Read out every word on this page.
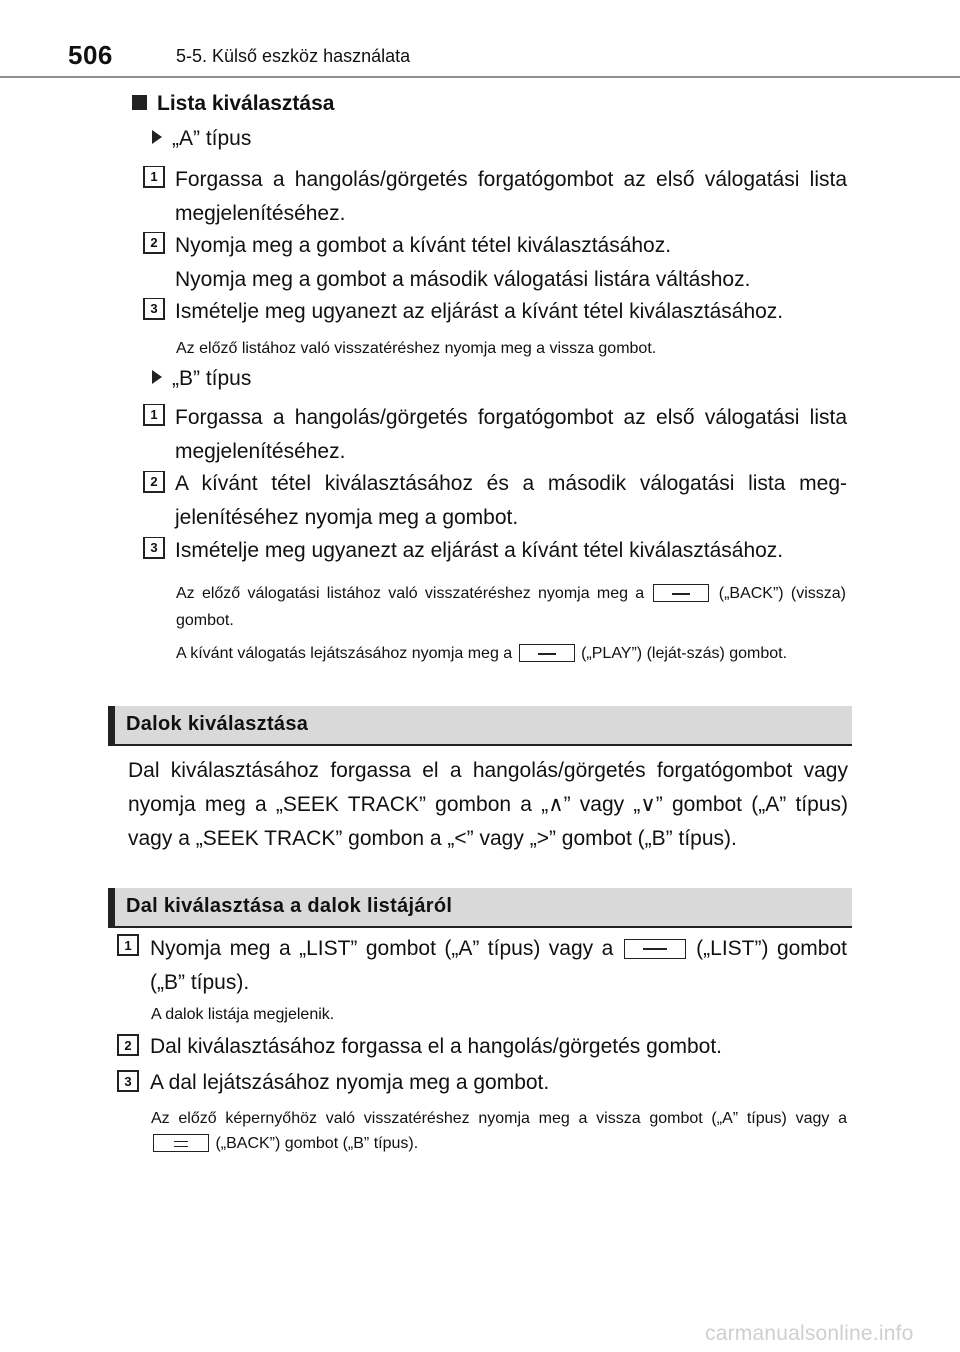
506	5-5. Külső eszköz használata
Lista kiválasztása
„A” típus
1 Forgassa a hangolás/görgetés forgatógombot az első válogatási lista megjelenítéséhez.
2 Nyomja meg a gombot a kívánt tétel kiválasztásához.
Nyomja meg a gombot a második válogatási listára váltáshoz.
3 Ismételje meg ugyanezt az eljárást a kívánt tétel kiválasztásához.
Az előző listához való visszatéréshez nyomja meg a vissza gombot.
„B” típus
1 Forgassa a hangolás/görgetés forgatógombot az első válogatási lista megjelenítéséhez.
2 A kívánt tétel kiválasztásához és a második válogatási lista meg-jelenítéséhez nyomja meg a gombot.
3 Ismételje meg ugyanezt az eljárást a kívánt tétel kiválasztásához.
Az előző válogatási listához való visszatéréshez nyomja meg a	(„BACK”) (vissza) gombot.
A kívánt válogatás lejátszásához nyomja meg a	(„PLAY”) (leját-szás) gombot.
Dalok kiválasztása
Dal kiválasztásához forgassa el a hangolás/görgetés forgatógombot vagy nyomja meg a „SEEK TRACK” gombon a „∧” vagy „∨” gombot („A” típus) vagy a „SEEK TRACK” gombon a „<” vagy „>” gombot („B” típus).
Dal kiválasztása a dalok listájáról
1 Nyomja meg a „LIST” gombot („A” típus) vagy a	(„LIST”) gombot („B” típus).
A dalok listája megjelenik.
2 Dal kiválasztásához forgassa el a hangolás/görgetés gombot.
3 A dal lejátszásához nyomja meg a gombot.
Az előző képernyőhöz való visszatéréshez nyomja meg a vissza gombot („A” típus) vagy a  („BACK”) gombot („B” típus).
carmanualsonline.info
